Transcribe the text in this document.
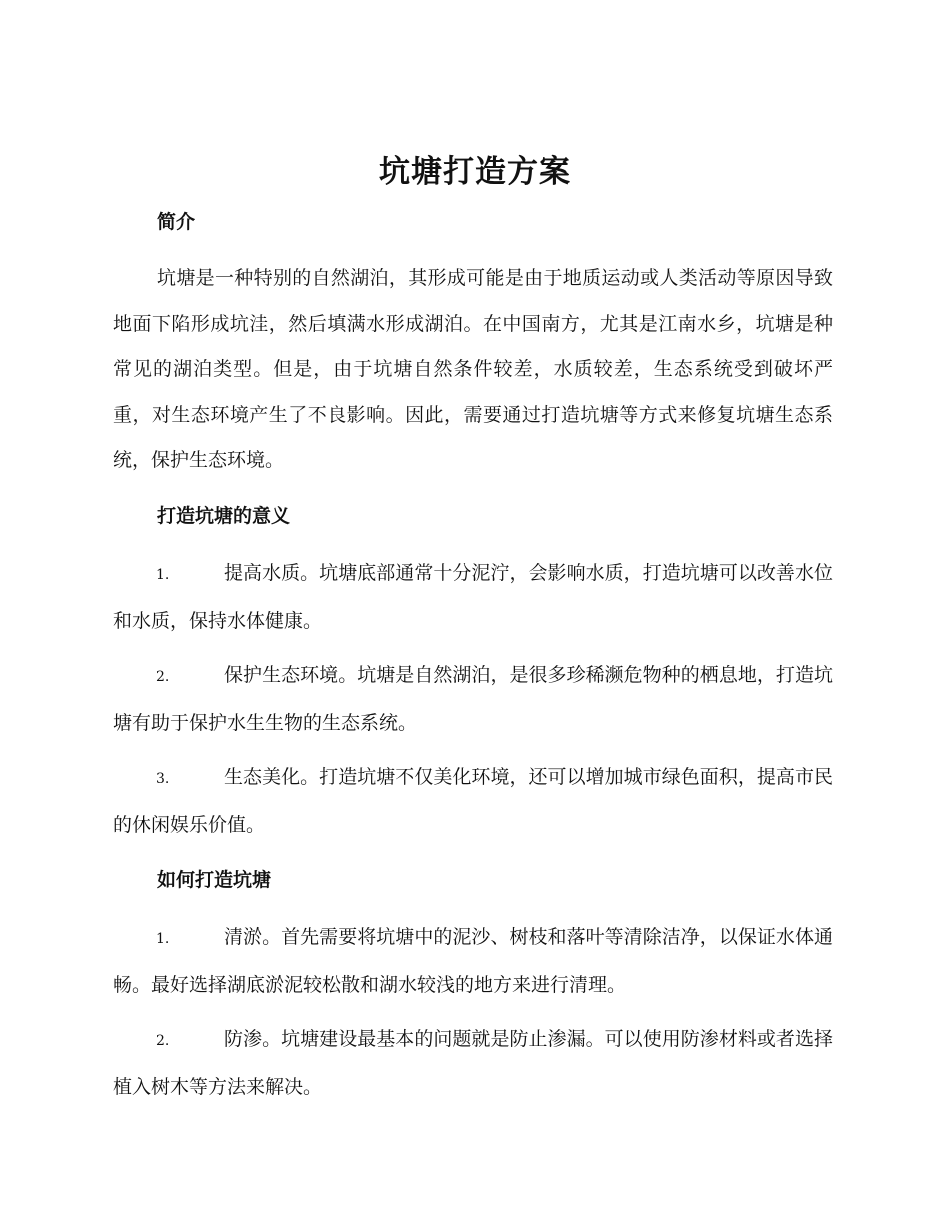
坑塘打造方案
简介
坑塘是一种特别的自然湖泊，其形成可能是由于地质运动或人类活动等原因导致地面下陷形成坑洼，然后填满水形成湖泊。在中国南方，尤其是江南水乡，坑塘是种常见的湖泊类型。但是，由于坑塘自然条件较差，水质较差，生态系统受到破坏严重，对生态环境产生了不良影响。因此，需要通过打造坑塘等方式来修复坑塘生态系统，保护生态环境。
打造坑塘的意义
1.	提高水质。坑塘底部通常十分泥泞，会影响水质，打造坑塘可以改善水位和水质，保持水体健康。
2.	保护生态环境。坑塘是自然湖泊，是很多珍稀濒危物种的栖息地，打造坑塘有助于保护水生生物的生态系统。
3.	生态美化。打造坑塘不仅美化环境，还可以增加城市绿色面积，提高市民的休闲娱乐价值。
如何打造坑塘
1.	清淤。首先需要将坑塘中的泥沙、树枝和落叶等清除洁净，以保证水体通畅。最好选择湖底淤泥较松散和湖水较浅的地方来进行清理。
2.	防渗。坑塘建设最基本的问题就是防止渗漏。可以使用防渗材料或者选择植入树木等方法来解决。
